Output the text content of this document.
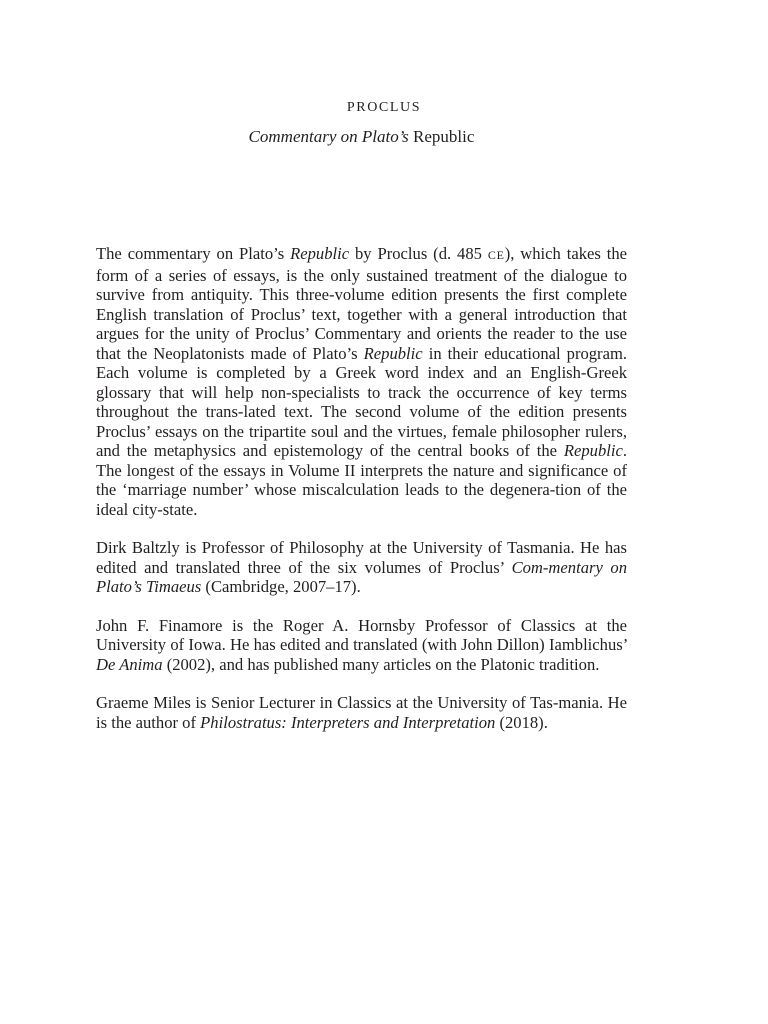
PROCLUS
Commentary on Plato’s Republic

The commentary on Plato’s Republic by Proclus (d. 485 CE), which takes the form of a series of essays, is the only sustained treatment of the dialogue to survive from antiquity. This three-volume edition presents the first complete English translation of Proclus’ text, together with a general introduction that argues for the unity of Proclus’ Commentary and orients the reader to the use that the Neoplatonists made of Plato’s Republic in their educational program. Each volume is completed by a Greek word index and an English-Greek glossary that will help non-specialists to track the occurrence of key terms throughout the trans-lated text. The second volume of the edition presents Proclus’ essays on the tripartite soul and the virtues, female philosopher rulers, and the metaphysics and epistemology of the central books of the Republic. The longest of the essays in Volume II interprets the nature and significance of the ‘marriage number’ whose miscalculation leads to the degenera-tion of the ideal city-state.

Dirk Baltzly is Professor of Philosophy at the University of Tasmania. He has edited and translated three of the six volumes of Proclus’ Com-mentary on Plato’s Timaeus (Cambridge, 2007–17).

John F. Finamore is the Roger A. Hornsby Professor of Classics at the University of Iowa. He has edited and translated (with John Dillon) Iamblichus’ De Anima (2002), and has published many articles on the Platonic tradition.

Graeme Miles is Senior Lecturer in Classics at the University of Tas-mania. He is the author of Philostratus: Interpreters and Interpretation (2018).
